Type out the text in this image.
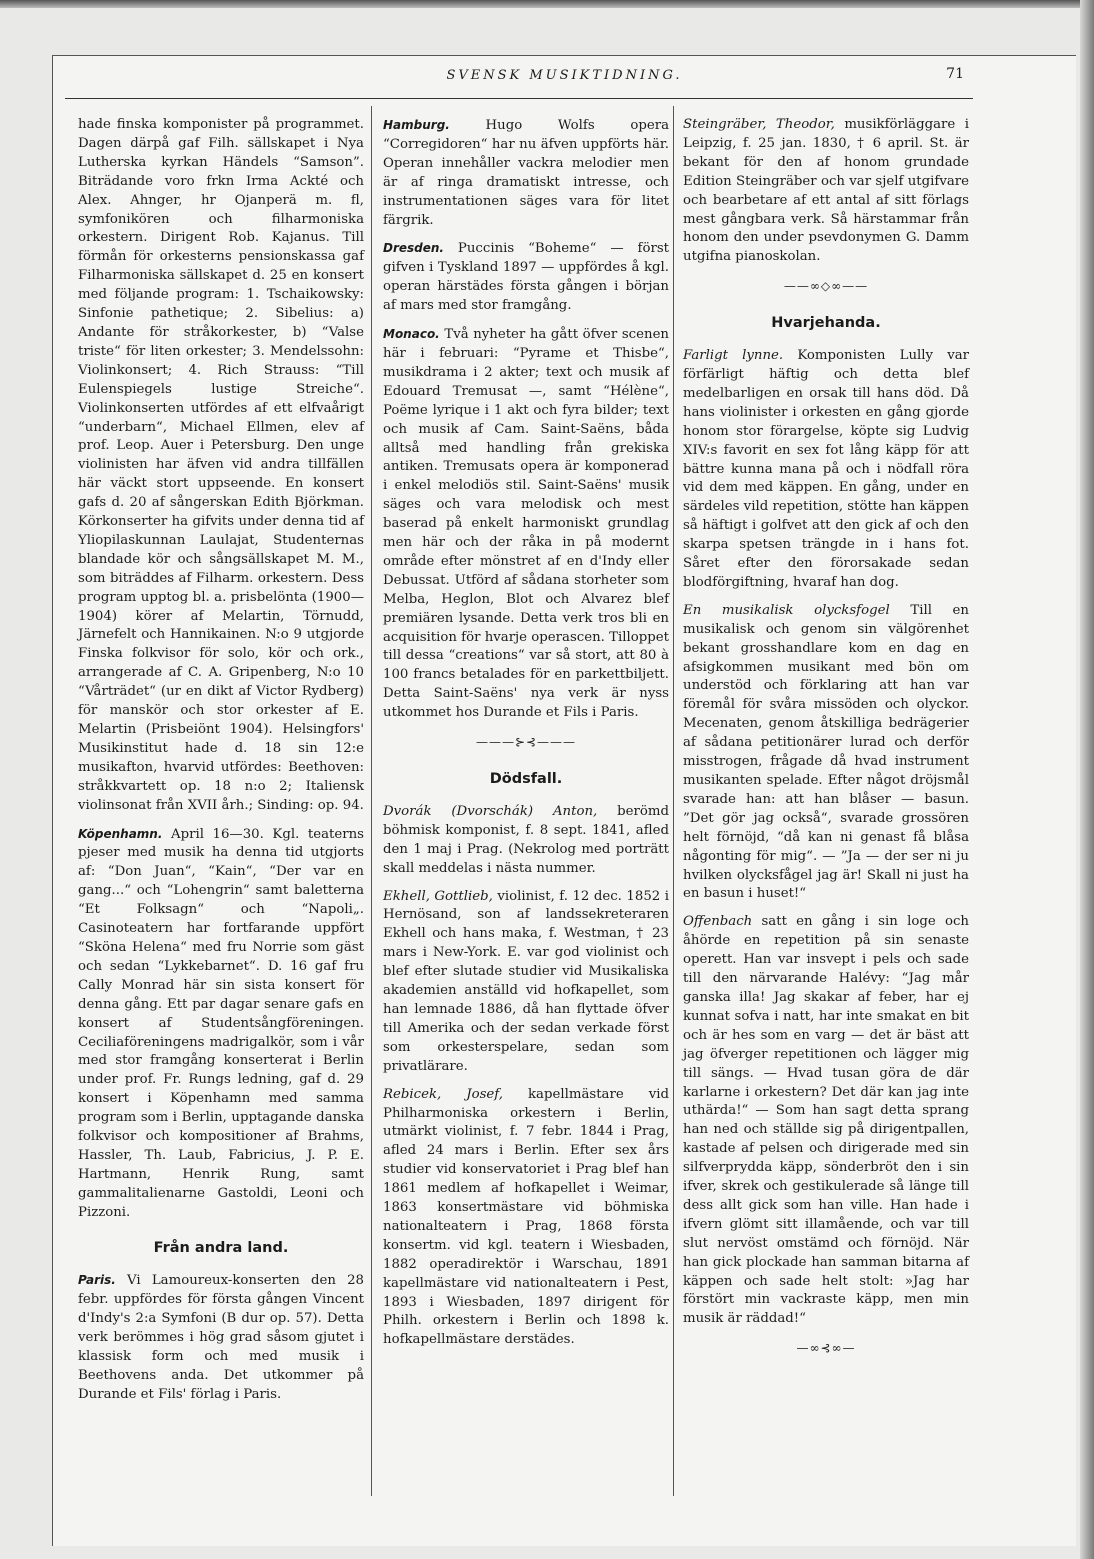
SVENSK MUSIKTIDNING.	71

hade finska komponister på programmet. Dagen därpå gaf Filh. sällskapet i Nya Lutherska kyrkan Händels “Samson”. Biträdande voro frkn Irma Ackté och Alex. Ahnger, hr Ojanperä m. fl, symfonikören och filharmoniska orkestern. Dirigent Rob. Kajanus. Till förmån för orkesterns pensionskassa gaf Filharmoniska sällskapet d. 25 en konsert med följande program: 1. Tschaikowsky: Sinfonie pathetique; 2. Sibelius: a) Andante för stråkorkester, b) “Valse triste“ för liten orkester; 3. Mendelssohn: Violinkonsert; 4. Rich Strauss: “Till Eulenspiegels lustige Streiche“. Violinkonserten utfördes af ett elfvaårigt “underbarn“, Michael Ellmen, elev af prof. Leop. Auer i Petersburg. Den unge violinisten har äfven vid andra tillfällen här väckt stort uppseende. En konsert gafs d. 20 af sångerskan Edith Björkman. Körkonserter ha gifvits under denna tid af Yliopilaskunnan Laulajat, Studenternas blandade kör och sångsällskapet M. M., som biträddes af Filharm. orkestern. Dess program upptog bl. a. prisbelönta (1900—1904) körer af Melartin, Törnudd, Järnefelt och Hannikainen. N:o 9 utgjorde Finska folkvisor för solo, kör och ork., arrangerade af C. A. Gripenberg, N:o 10 “Vårträdet“ (ur en dikt af Victor Rydberg) för manskör och stor orkester af E. Melartin (Prisbeiönt 1904). Helsingfors' Musikinstitut hade d. 18 sin 12:e musikafton, hvarvid utfördes: Beethoven: stråkkvartett op. 18 n:o 2; Italiensk violinsonat från XVII årh.; Sinding: op. 94.

Köpenhamn. April 16—30. Kgl. teaterns pjeser med musik ha denna tid utgjorts af: “Don Juan“, “Kain“, “Der var en gang...“ och “Lohengrin“ samt baletterna “Et Folksagn“ och “Napoli„. Casinoteatern har fortfarande uppfört “Sköna Helena“ med fru Norrie som gäst och sedan “Lykkebarnet“. D. 16 gaf fru Cally Monrad här sin sista konsert för denna gång. Ett par dagar senare gafs en konsert af Studentsångföreningen. Ceciliaföreningens madrigalkör, som i vår med stor framgång konserterat i Berlin under prof. Fr. Rungs ledning, gaf d. 29 konsert i Köpenhamn med samma program som i Berlin, upptagande danska folkvisor och kompositioner af Brahms, Hassler, Th. Laub, Fabricius, J. P. E. Hartmann, Henrik Rung, samt gammalitalienarne Gastoldi, Leoni och Pizzoni.

Från andra land.

Paris. Vi Lamoureux-konserten den 28 febr. uppfördes för första gången Vincent d'Indy's 2:a Symfoni (B dur op. 57). Detta verk berömmes i hög grad såsom gjutet i klassisk form och med musik i Beethovens anda. Det utkommer på Durande et Fils' förlag i Paris.

Hamburg.	Hugo Wolfs opera “Corregidoren“ har nu äfven uppförts här. Operan innehåller vackra melodier men är af ringa dramatiskt intresse, och instrumentationen säges vara för litet färgrik.

Dresden. Puccinis “Boheme“ — först gifven i Tyskland 1897 — uppfördes å kgl. operan härstädes första gången i början af mars med stor framgång.

Monaco. Två nyheter ha gått öfver scenen här i februari: “Pyrame et Thisbe“, musikdrama i 2 akter; text och musik af Edouard Tremusat —, samt “Hélène“, Poëme lyrique i 1 akt och fyra bilder; text och musik af Cam. Saint-Saëns, båda alltså med handling från grekiska antiken. Tremusats opera är komponerad i enkel melodiös stil. Saint-Saëns' musik säges och vara melodisk och mest baserad på enkelt harmoniskt grundlag men här och der råka in på modernt område efter mönstret af en d'Indy eller Debussat. Utförd af sådana storheter som Melba, Heglon, Blot och Alvarez blef premiären lysande. Detta verk tros bli en acquisition för hvarje operascen. Tilloppet till dessa “creations“ var så stort, att 80 à 100 francs betalades för en parkettbiljett. Detta Saint-Saëns' nya verk är nyss utkommet hos Durande et Fils i Paris.

———⊱⊰———
Dödsfall.

Dvorák (Dvorschák) Anton, berömd böhmisk komponist, f. 8 sept. 1841, afled den 1 maj i Prag. (Nekrolog med porträtt skall meddelas i nästa nummer.

Ekhell, Gottlieb, violinist, f. 12 dec. 1852 i Hernösand, son af landssekreteraren Ekhell och hans maka, f. Westman, † 23 mars i New-York. E. var god violinist och blef efter slutade studier vid Musikaliska akademien anställd vid hofkapellet, som han lemnade 1886, då han flyttade öfver till Amerika och der sedan verkade först som orkesterspelare, sedan som privatlärare.

Rebicek, Josef, kapellmästare vid Philharmoniska orkestern i Berlin, utmärkt violinist, f. 7 febr. 1844 i Prag, afled 24 mars i Berlin. Efter sex års studier vid konservatoriet i Prag blef han 1861 medlem af hofkapellet i Weimar, 1863 konsertmästare vid böhmiska nationalteatern i Prag, 1868 första konsertm. vid kgl. teatern i Wiesbaden, 1882 operadirektör i Warschau, 1891 kapellmästare vid nationalteatern i Pest, 1893 i Wiesbaden, 1897 dirigent för Philh. orkestern i Berlin och 1898 k. hofkapellmästare derstädes.

Steingräber, Theodor, musikförläggare i Leipzig, f. 25 jan. 1830, † 6 april. St. är bekant för den af honom grundade Edition Steingräber och var sjelf utgifvare och bearbetare af ett antal af sitt förlags mest gångbara verk. Så härstammar från honom den under psevdonymen G. Damm utgifna pianoskolan.

——∞◇∞——
Hvarjehanda.

Farligt lynne. Komponisten Lully var förfärligt häftig och detta blef medelbarligen en orsak till hans död. Då hans violinister i orkesten en gång gjorde honom stor förargelse, köpte sig Ludvig XIV:s favorit en sex fot lång käpp för att bättre kunna mana på och i nödfall röra vid dem med käppen. En gång, under en särdeles vild repetition, stötte han käppen så häftigt i golfvet att den gick af och den skarpa spetsen trängde in i hans fot. Såret efter den förorsakade sedan blodförgiftning, hvaraf han dog.

En musikalisk olycksfogel Till en musikalisk och genom sin välgörenhet bekant grosshandlare kom en dag en afsigkommen musikant med bön om understöd och förklaring att han var föremål för svåra missöden och olyckor. Mecenaten, genom åtskilliga bedrägerier af sådana petitionärer lurad och derför misstrogen, frågade då hvad instrument musikanten spelade. Efter något dröjsmål svarade han: att han blåser — basun. ”Det gör jag också“, svarade grossören helt förnöjd, “då kan ni genast få blåsa någonting för mig“. — ”Ja — der ser ni ju hvilken olycksfågel jag är! Skall ni just ha en basun i huset!“

Offenbach satt en gång i sin loge och åhörde en repetition på sin senaste operett. Han var insvept i pels och sade till den närvarande Halévy: “Jag mår ganska illa! Jag skakar af feber, har ej kunnat sofva i natt, har inte smakat en bit och är hes som en varg — det är bäst att jag öfverger repetitionen och lägger mig till sängs. — Hvad tusan göra de där karlarne i orkestern? Det där kan jag inte uthärda!“ — Som han sagt detta sprang han ned och ställde sig på dirigentpallen, kastade af pelsen och dirigerade med sin silfverprydda käpp, sönderbröt den i sin ifver, skrek och gestikulerade så länge till dess allt gick som han ville. Han hade i ifvern glömt sitt illamående, och var till slut nervöst omstämd och förnöjd. När han gick plockade han samman bitarna af käppen och sade helt stolt: »Jag har förstört min vackraste käpp, men min musik är räddad!“

—∞⊰∞—
